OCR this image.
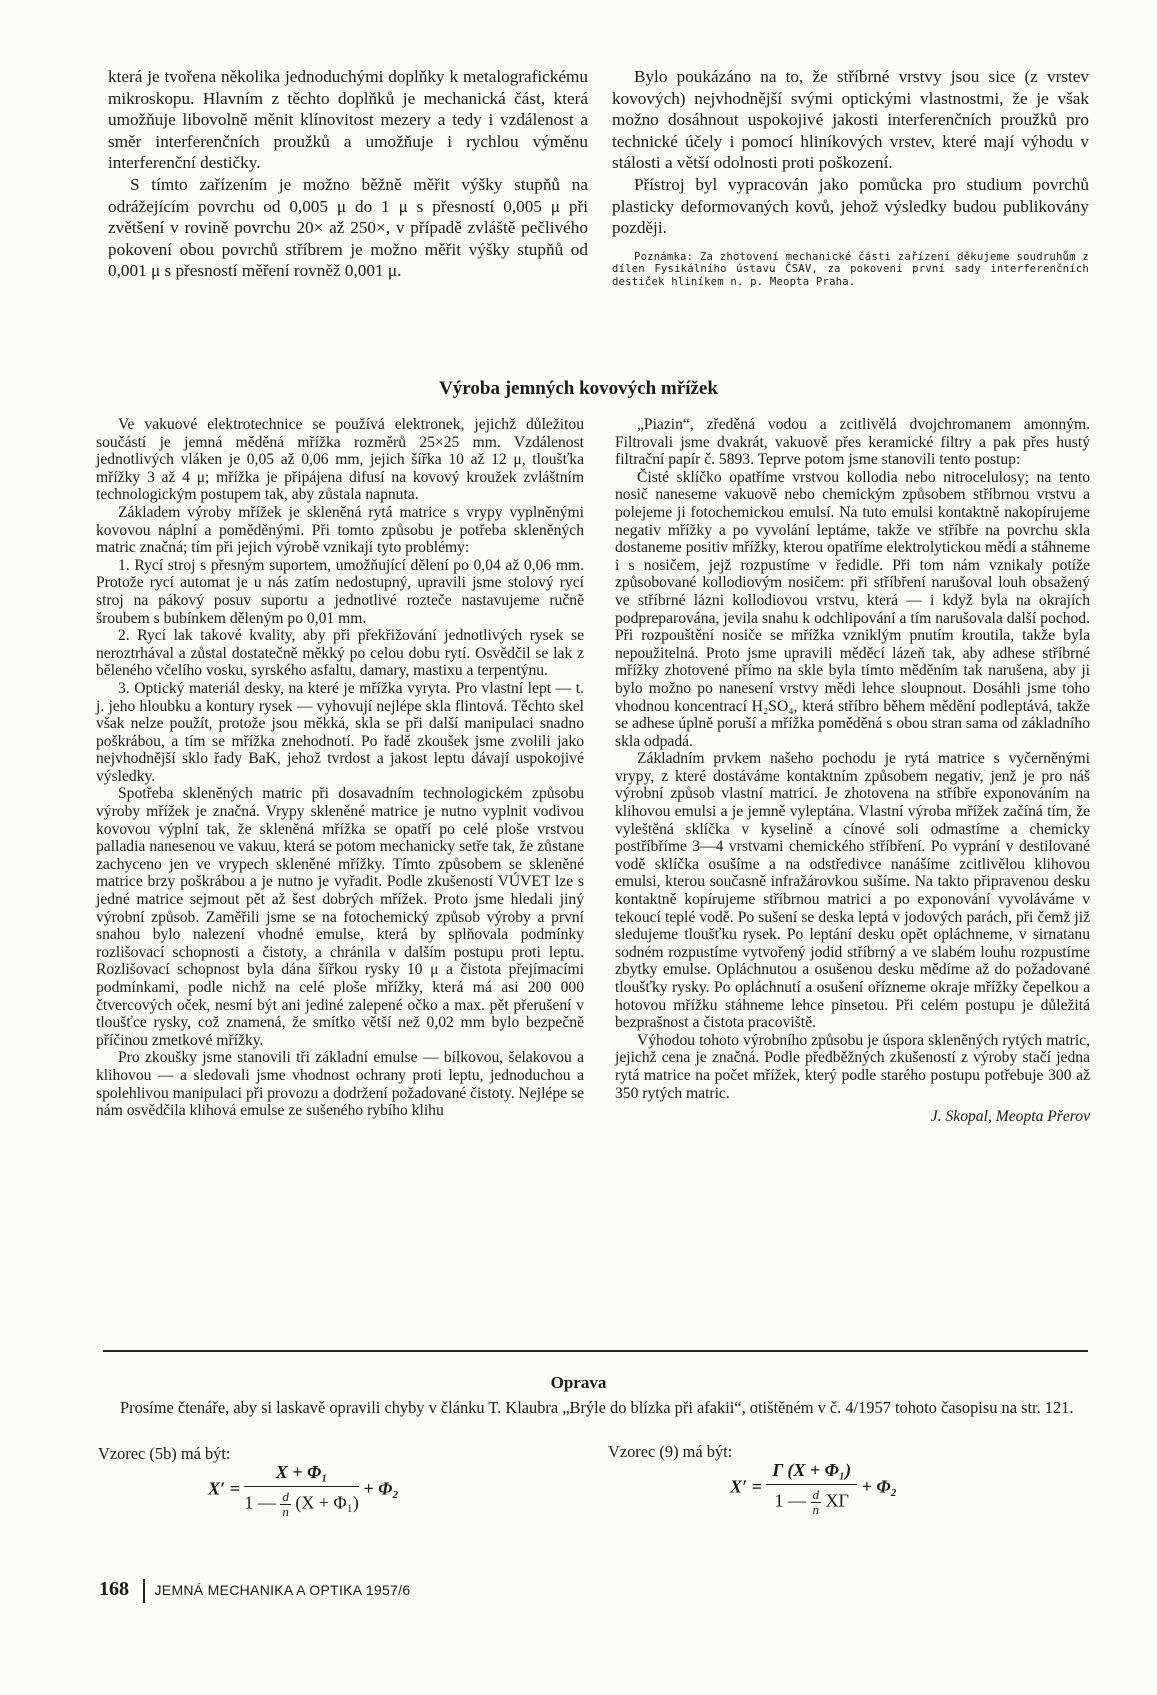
která je tvořena několika jednoduchými doplňky k metalografickému mikroskopu. Hlavním z těchto doplňků je mechanická část, která umožňuje libovolně měnit klínovitost mezery a tedy i vzdálenost a směr interferenčních proužků a umožňuje i rychlou výměnu interferenční destičky.

S tímto zařízením je možno běžně měřit výšky stupňů na odrážejícím povrchu od 0,005 μ do 1 μ s přesností 0,005 μ při zvětšení v rovině povrchu 20× až 250×, v případě zvláště pečlivého pokovení obou povrchů stříbrem je možno měřit výšky stupňů od 0,001 μ s přesností měření rovněž 0,001 μ.

Bylo poukázáno na to, že stříbrné vrstvy jsou sice (z vrstev kovových) nejvhodnější svými optickými vlastnostmi, že je však možno dosáhnout uspokojivé jakosti interferenčních proužků pro technické účely i pomocí hliníkových vrstev, které mají výhodu v stálosti a větší odolnosti proti poškození.

Přístroj byl vypracován jako pomůcka pro studium povrchů plasticky deformovaných kovů, jehož výsledky budou publikovány později.

Poznámka: Za zhotovení mechanické části zařízení děkujeme soudruhům z dílen Fysikálního ústavu ČSAV, za pokovení první sady interferenčních destiček hliníkem n. p. Meopta Praha.
Výroba jemných kovových mřížek

Ve vakuové elektrotechnice se používá elektronek, jejichž důležitou součástí je jemná měděná mřížka rozměrů 25×25 mm. Vzdálenost jednotlivých vláken je 0,05 až 0,06 mm, jejich šířka 10 až 12 μ, tloušťka mřížky 3 až 4 μ; mřížka je připájena difusí na kovový kroužek zvláštním technologickým postupem tak, aby zůstala napnuta.

Základem výroby mřížek je skleněná rytá matrice s vrypy vyplněnými kovovou náplní a poměděnými. Při tomto způsobu je potřeba skleněných matric značná; tím při jejich výrobě vznikají tyto problémy:

1. Rycí stroj s přesným suportem, umožňující dělení po 0,04 až 0,06 mm. Protože rycí automat je u nás zatím nedostupný, upravili jsme stolový rycí stroj na pákový posuv suportu a jednotlivé rozteče nastavujeme ručně šroubem s bubínkem děleným po 0,01 mm.

2. Rycí lak takové kvality, aby při překřižování jednotlivých rysek se neroztrhával a zůstal dostatečně měkký po celou dobu rytí. Osvědčil se lak z běleného včelího vosku, syrského asfaltu, damary, mastixu a terpentýnu.

3. Optický materiál desky, na které je mřížka vyryta. Pro vlastní lept — t. j. jeho hloubku a kontury rysek — vyhovují nejlépe skla flintová. Těchto skel však nelze použít, protože jsou měkká, skla se při další manipulaci snadno poškrábou, a tím se mřížka znehodnotí. Po řadě zkoušek jsme zvolili jako nejvhodnější sklo řady BaK, jehož tvrdost a jakost leptu dávají uspokojivé výsledky.

Spotřeba skleněných matric při dosavadním technologickém způsobu výroby mřížek je značná. Vrypy skleněné matrice je nutno vyplnit vodivou kovovou výplní tak, že skleněná mřížka se opatří po celé ploše vrstvou palladia nanesenou ve vakuu, která se potom mechanicky setře tak, že zůstane zachyceno jen ve vrypech skleněné mřížky. Tímto způsobem se skleněné matrice brzy poškrábou a je nutno je vyřadit. Podle zkušeností VÚVET lze s jedné matrice sejmout pět až šest dobrých mřížek. Proto jsme hledali jiný výrobní způsob. Zaměřili jsme se na fotochemický způsob výroby a první snahou bylo nalezení vhodné emulse, která by splňovala podmínky rozlišovací schopnosti a čistoty, a chránila v dalším postupu proti leptu. Rozlišovací schopnost byla dána šířkou rysky 10 μ a čistota přejímacími podmínkami, podle nichž na celé ploše mřížky, která má asi 200 000 čtvercových oček, nesmí být ani jediné zalepené očko a max. pět přerušení v tloušťce rysky, což znamená, že smítko větší než 0,02 mm bylo bezpečně příčinou zmetkové mřížky.

Pro zkoušky jsme stanovili tři základní emulse — bílkovou, šelakovou a klihovou — a sledovali jsme vhodnost ochrany proti leptu, jednoduchou a spolehlivou manipulaci při provozu a dodržení požadované čistoty. Nejlépe se nám osvědčila klihová emulse ze sušeného rybího klihu

„Piazin“, zředěná vodou a zcitlivělá dvojchromanem amonným. Filtrovali jsme dvakrát, vakuově přes keramické filtry a pak přes hustý filtrační papír č. 5893. Teprve potom jsme stanovili tento postup:

Čisté sklíčko opatříme vrstvou kollodia nebo nitrocelulosy; na tento nosič naneseme vakuově nebo chemickým způsobem stříbrnou vrstvu a polejeme ji fotochemickou emulsí. Na tuto emulsi kontaktně nakopírujeme negativ mřížky a po vyvolání leptáme, takže ve stříbře na povrchu skla dostaneme positiv mřížky, kterou opatříme elektrolytickou mědí a stáhneme i s nosičem, jejž rozpustíme v ředidle. Při tom nám vznikaly potíže způsobované kollodiovým nosičem: při stříbření narušoval louh obsažený ve stříbrné lázni kollodiovou vrstvu, která — i když byla na okrajích podpreparována, jevila snahu k odchlipování a tím narušovala další pochod. Při rozpouštění nosiče se mřížka vzniklým pnutím kroutila, takže byla nepoužitelná. Proto jsme upravili měděcí lázeň tak, aby adhese stříbrné mřížky zhotovené přímo na skle byla tímto měděním tak narušena, aby ji bylo možno po nanesení vrstvy mědi lehce sloupnout. Dosáhli jsme toho vhodnou koncentrací H₂SO₄, která stříbro během mědění podleptává, takže se adhese úplně poruší a mřížka poměděná s obou stran sama od základního skla odpadá.

Základním prvkem našeho pochodu je rytá matrice s vyčerněnými vrypy, z které dostáváme kontaktním způsobem negativ, jenž je pro náš výrobní způsob vlastní matricí. Je zhotovena na stříbře exponováním na klihovou emulsi a je jemně vyleptána. Vlastní výroba mřížek začíná tím, že vyleštěná sklíčka v kyselině a cínové soli odmastíme a chemicky postříbříme 3—4 vrstvami chemického stříbření. Po vyprání v destilované vodě sklíčka osušíme a na odstředivce nanášíme zcitlivělou klihovou emulsi, kterou současně infražárovkou sušíme. Na takto připravenou desku kontaktně kopírujeme stříbrnou matrici a po exponování vyvoláváme v tekoucí teplé vodě. Po sušení se deska leptá v jodových parách, při čemž již sledujeme tloušťku rysek. Po leptání desku opět opláchneme, v sirnatanu sodném rozpustíme vytvořený jodid stříbrný a ve slabém louhu rozpustíme zbytky emulse. Opláchnutou a osušenou desku mědíme až do požadované tloušťky rysky. Po opláchnutí a osušení ořízneme okraje mřížky čepelkou a hotovou mřížku stáhneme lehce pinsetou. Při celém postupu je důležitá bezprašnost a čistota pracoviště.

Výhodou tohoto výrobního způsobu je úspora skleněných rytých matric, jejichž cena je značná. Podle předběžných zkušeností z výroby stačí jedna rytá matrice na počet mřížek, který podle starého postupu potřebuje 300 až 350 rytých matric.

J. Skopal, Meopta Přerov
Oprava
Prosíme čtenáře, aby si laskavě opravili chyby v článku T. Klaubra „Brýle do blízka při afakii“, otištěném v č. 4/1957 tohoto časopisu na str. 121.
Vzorec (5b) má být:	Vzorec (9) má být:
X′ =
X + Φ₁
1 — $\frac{d}{n} (X + \Phi_1)$
+ Φ₂	$X' = \frac{\text{Γ (X + Φ₁)}}{1 — \frac{d}{n} X\Gamma} + \Phi_2$
168 JEMNÁ MECHANIKA A OPTIKA 1957/6
